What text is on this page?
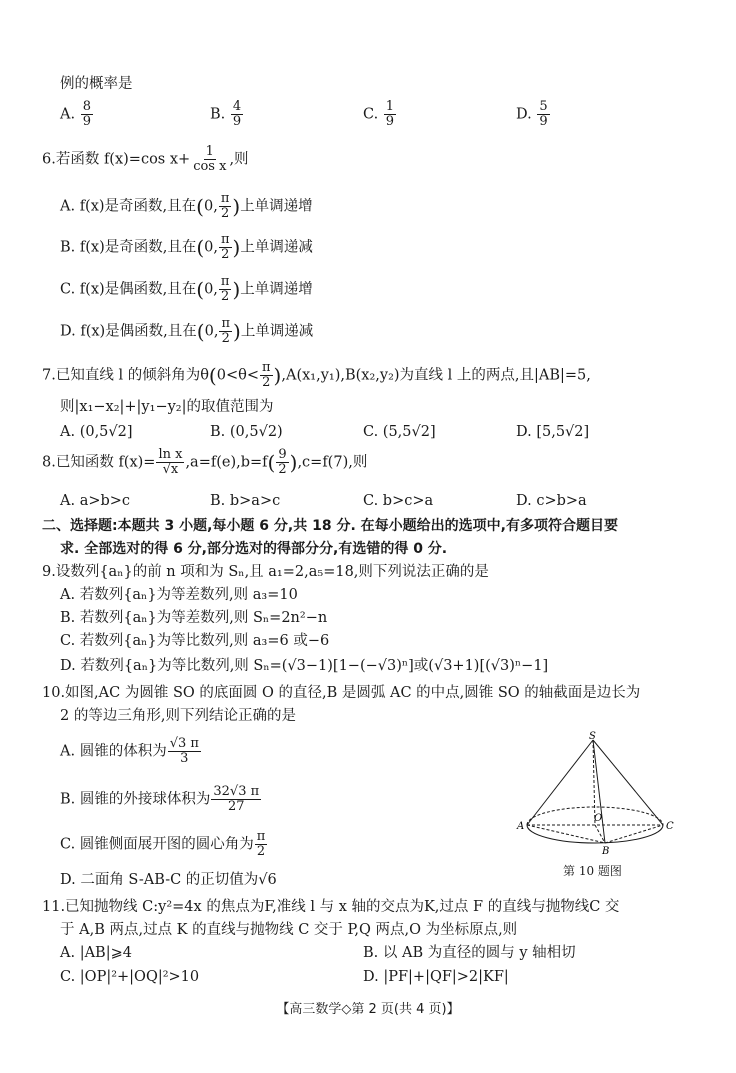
例的概率是
A. $\frac{8}{9}$	B. $\frac{4}{9}$	C. $\frac{1}{9}$	D. $\frac{5}{9}$
6.若函数 f(x)=cos $x+ \frac{1}{\text{cos x}}$ ,则
A. f(x)是奇函数,且在(0, $\frac{\pi}{2}$ )上单调递增
B. f(x)是奇函数,且在(0, $\frac{\pi}{2}$ )上单调递减
C. f(x)是偶函数,且在(0, $\frac{\pi}{2}$ )上单调递增
D. f(x)是偶函数,且在(0, $\frac{\pi}{2}$ )上单调递减
7.已知直线 l 的倾斜角为$\theta(0<\theta< \frac{\pi}{2} ),A(x_1,y_1),B(x_2,y_2)$为直线 l 上的两点,且|AB|=5,
则|x₁−x₂|+|y₁−y₂|的取值范围为
A. (0,5√2]	B. (0,5√2)	C. (5,5√2]	D. [5,5√2]
8.已知函数 $f(x)= \frac{\text{ln x}}{√x} ,a=f(e),b=f( \frac{9}{2} ),c=f(7)$,则
A. a>b>c	B. b>a>c	C. b>c>a	D. c>b>a
二、选择题:本题共 3 小题,每小题 6 分,共 18 分. 在每小题给出的选项中,有多项符合题目要
求. 全部选对的得 6 分,部分选对的得部分分,有选错的得 0 分.
9.设数列{aₙ}的前 n 项和为 Sₙ,且 a₁=2,a₅=18,则下列说法正确的是
A. 若数列{aₙ}为等差数列,则 a₃=10
B. 若数列{aₙ}为等差数列,则 Sₙ=2n²−n
C. 若数列{aₙ}为等比数列,则 a₃=6 或−6
D. 若数列{aₙ}为等比数列,则 Sₙ=(√3−1)[1−(−√3)ⁿ]或(√3+1)[(√3)ⁿ−1]
10.如图,AC 为圆锥 SO 的底面圆 O 的直径,B 是圆弧 AC 的中点,圆锥 SO 的轴截面是边长为
2 的等边三角形,则下列结论正确的是
A. 圆锥的体积为 $\frac{√3 \pi}{3}$
B. 圆锥的外接球体积为 $\frac{32√3 \pi}{27}$
C. 圆锥侧面展开图的圆心角为 $\frac{\pi}{2}$
D. 二面角 S-AB-C 的正切值为√6
S
A	C
O
B
第 10 题图
11.已知抛物线 C:y²=4x 的焦点为F,准线 l 与 x 轴的交点为K,过点 F 的直线与抛物线C 交
于 A,B 两点,过点 K 的直线与抛物线 C 交于 P,Q 两点,O 为坐标原点,则
A. |AB|⩾4	B. 以 AB 为直径的圆与 y 轴相切
C. |OP|²+|OQ|²>10	D. |PF|+|QF|>2|KF|
【高三数学◇第 2 页(共 4 页)】
